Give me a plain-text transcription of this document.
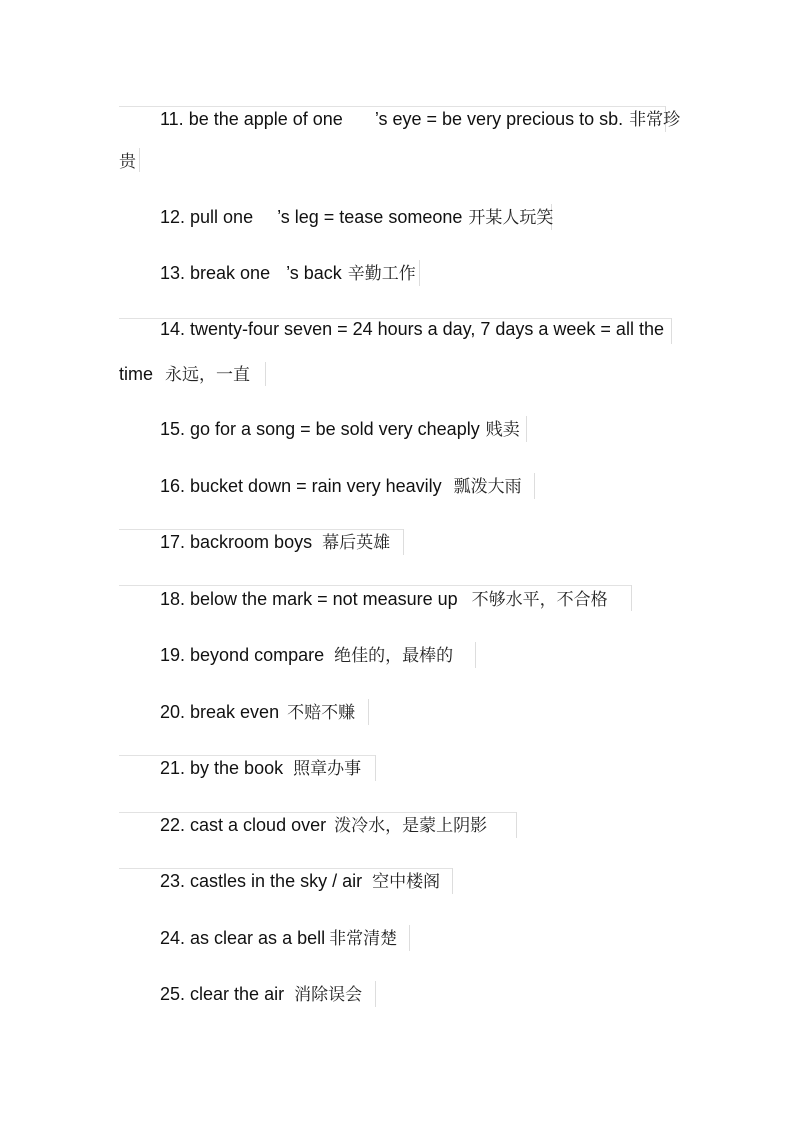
11. be the apple of one ’s eye = be very precious to sb. 非常珍
贵
12. pull one ’s leg = tease someone 开某人玩笑
13. break one ’s back 辛勤工作
14. twenty-four seven = 24 hours a day, 7 days a week = all the
time 永远，一直
15. go for a song = be sold very cheaply 贱卖
16. bucket down = rain very heavily 瓢泼大雨
17. backroom boys 幕后英雄
18. below the mark = not measure up 不够水平，不合格
19. beyond compare 绝佳的，最棒的
20. break even 不赔不赚
21. by the book 照章办事
22. cast a cloud over 泼冷水，是蒙上阴影
23. castles in the sky / air 空中楼阁
24. as clear as a bell 非常清楚
25. clear the air 消除误会
